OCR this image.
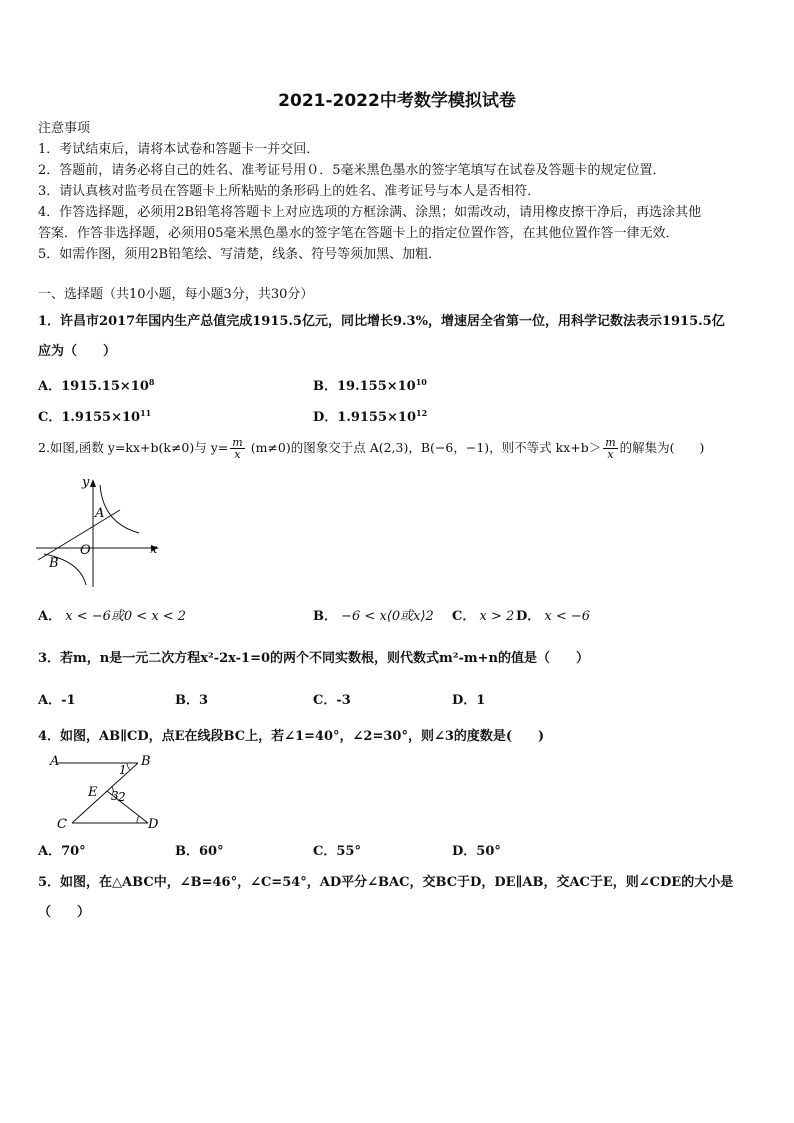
2021-2022中考数学模拟试卷
注意事项
1．考试结束后，请将本试卷和答题卡一并交回．
2．答题前，请务必将自己的姓名、准考证号用０．5毫米黑色墨水的签字笔填写在试卷及答题卡的规定位置．
3．请认真核对监考员在答题卡上所粘贴的条形码上的姓名、准考证号与本人是否相符．
4．作答选择题，必须用2B铅笔将答题卡上对应选项的方框涂满、涂黑；如需改动，请用橡皮擦干净后，再选涂其他
答案．作答非选择题，必须用05毫米黑色墨水的签字笔在答题卡上的指定位置作答，在其他位置作答一律无效．
5．如需作图，须用2B铅笔绘、写清楚，线条、符号等须加黑、加粗．
一、选择题（共10小题，每小题3分，共30分）
1．许昌市2017年国内生产总值完成1915.5亿元，同比增长9.3%，增速居全省第一位，用科学记数法表示1915.5亿
应为（　　）
A．$1915.15\times 10^8$	B．$19.155\times 10^{10}$
C．$1.9155\times 10^{11}$	D．$1.9155\times 10^{12}$
2.如图,函数 y=kx+b(k≠0)与 $y= \frac{m}{x} (m\ne 0)$的图象交于点 A(2,3)，B(−6，−1)，则不等式 $kx+b> \frac{m}{x}$ 的解集为(　　)
y
x
O
A
B
A． x < −6或0 < x < 2	B． −6 < x⟨0或x⟩2 C． x > 2 D． x < −6
3．若m，n是一元二次方程x²-2x-1=0的两个不同实数根，则代数式m²-m+n的值是（　　）
A．-1	B．3	C．-3	D．1
4．如图，AB∥CD，点E在线段BC上，若∠1=40°，∠2=30°，则∠3的度数是(　　)
A	B
C	D
E
1
2
3
A．70°	B．60°	C．55°	D．50°
5．如图，在△ABC中，∠B=46°，∠C=54°，AD平分∠BAC，交BC于D，DE∥AB，交AC于E，则∠CDE的大小是
（　　）
